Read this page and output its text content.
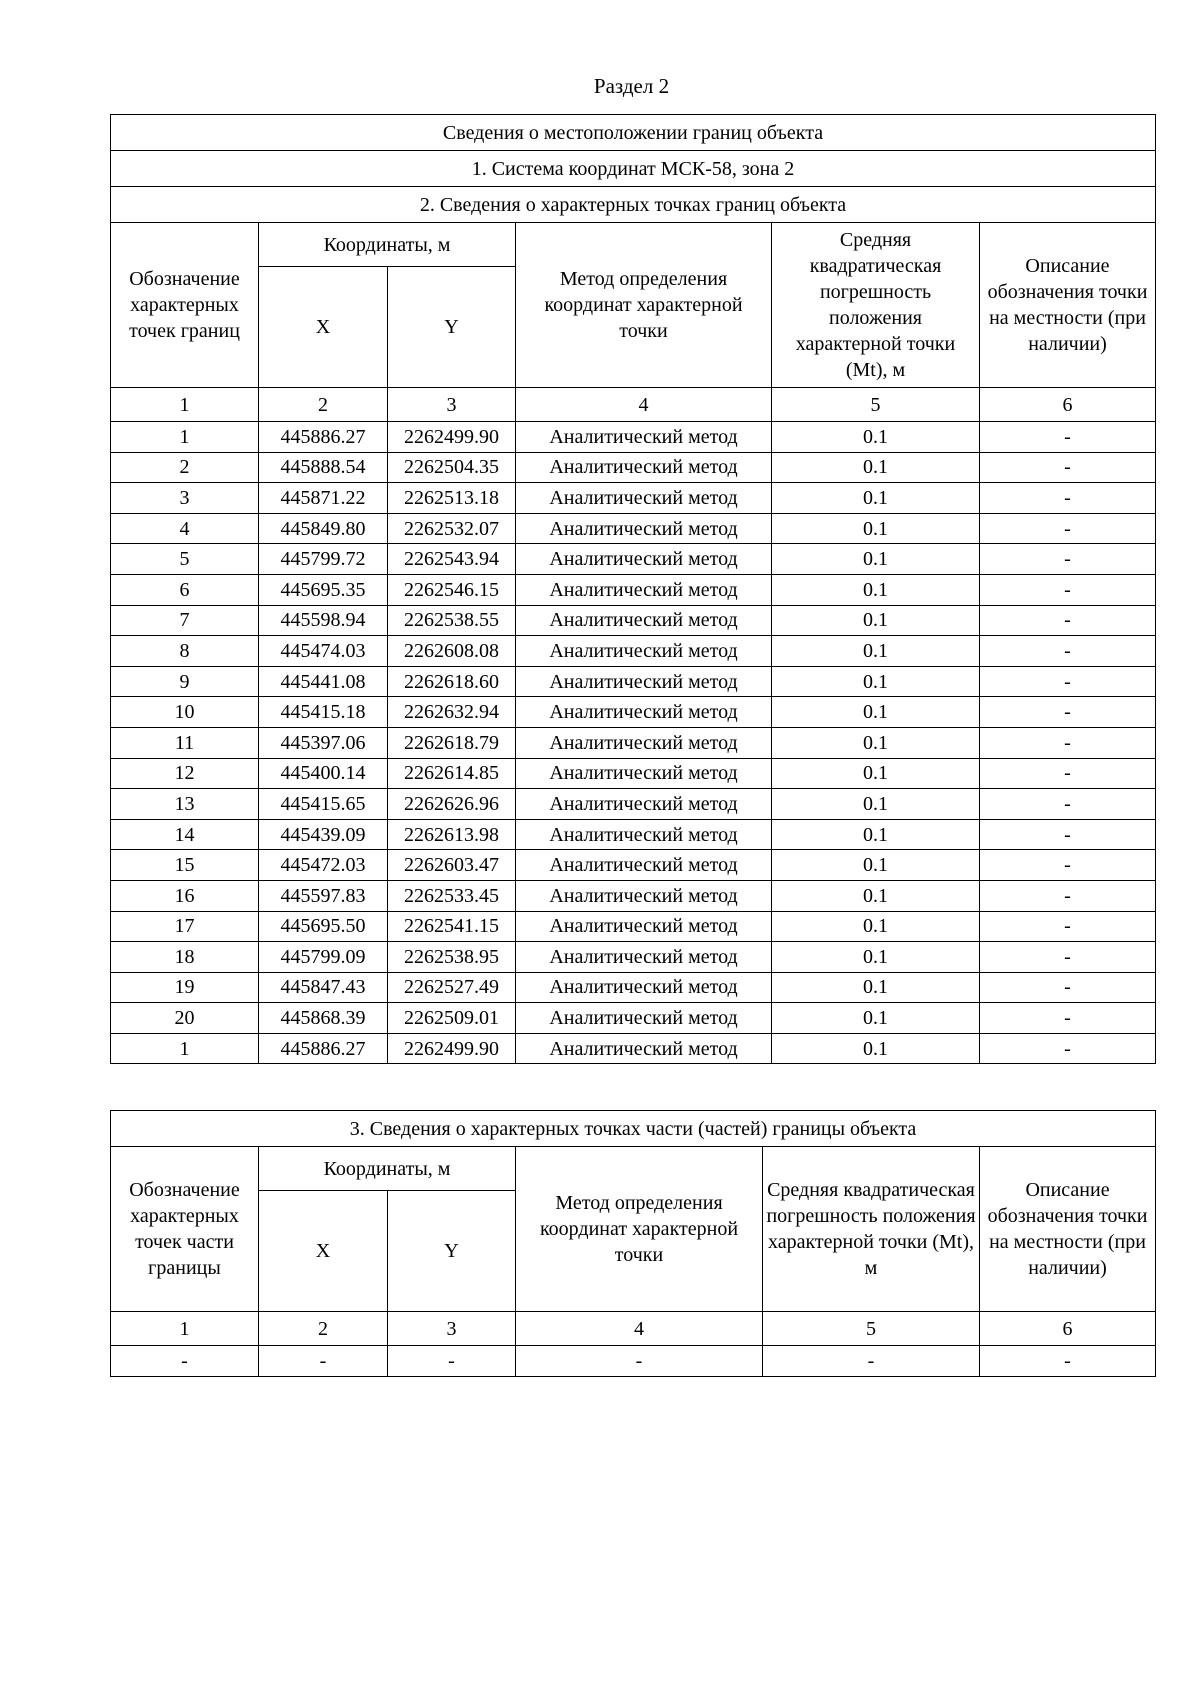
Раздел 2
Сведения о местоположении границ объекта					
1. Система координат МСК-58, зона 2					
2. Сведения о характерных точках границ объекта					
Обозначение характерных точек границ	Координаты, м		Метод определения координат характерной точки	Средняя квадратическая погрешность положения характерной точки (Mt), м	Описание обозначения точки на местности (при наличии)
	X	Y			
1	2	3	4	5	6
1	445886.27	2262499.90	Аналитический метод	0.1	-
2	445888.54	2262504.35	Аналитический метод	0.1	-
3	445871.22	2262513.18	Аналитический метод	0.1	-
4	445849.80	2262532.07	Аналитический метод	0.1	-
5	445799.72	2262543.94	Аналитический метод	0.1	-
6	445695.35	2262546.15	Аналитический метод	0.1	-
7	445598.94	2262538.55	Аналитический метод	0.1	-
8	445474.03	2262608.08	Аналитический метод	0.1	-
9	445441.08	2262618.60	Аналитический метод	0.1	-
10	445415.18	2262632.94	Аналитический метод	0.1	-
11	445397.06	2262618.79	Аналитический метод	0.1	-
12	445400.14	2262614.85	Аналитический метод	0.1	-
13	445415.65	2262626.96	Аналитический метод	0.1	-
14	445439.09	2262613.98	Аналитический метод	0.1	-
15	445472.03	2262603.47	Аналитический метод	0.1	-
16	445597.83	2262533.45	Аналитический метод	0.1	-
17	445695.50	2262541.15	Аналитический метод	0.1	-
18	445799.09	2262538.95	Аналитический метод	0.1	-
19	445847.43	2262527.49	Аналитический метод	0.1	-
20	445868.39	2262509.01	Аналитический метод	0.1	-
1	445886.27	2262499.90	Аналитический метод	0.1	-
3. Сведения о характерных точках части (частей) границы объекта					
Обозначение характерных точек части границы	Координаты, м		Метод определения координат характерной точки	Средняя квадратическая погрешность положения характерной точки (Mt), м	Описание обозначения точки на местности (при наличии)
	X	Y			
1	2	3	4	5	6
-	-	-	-	-	-
